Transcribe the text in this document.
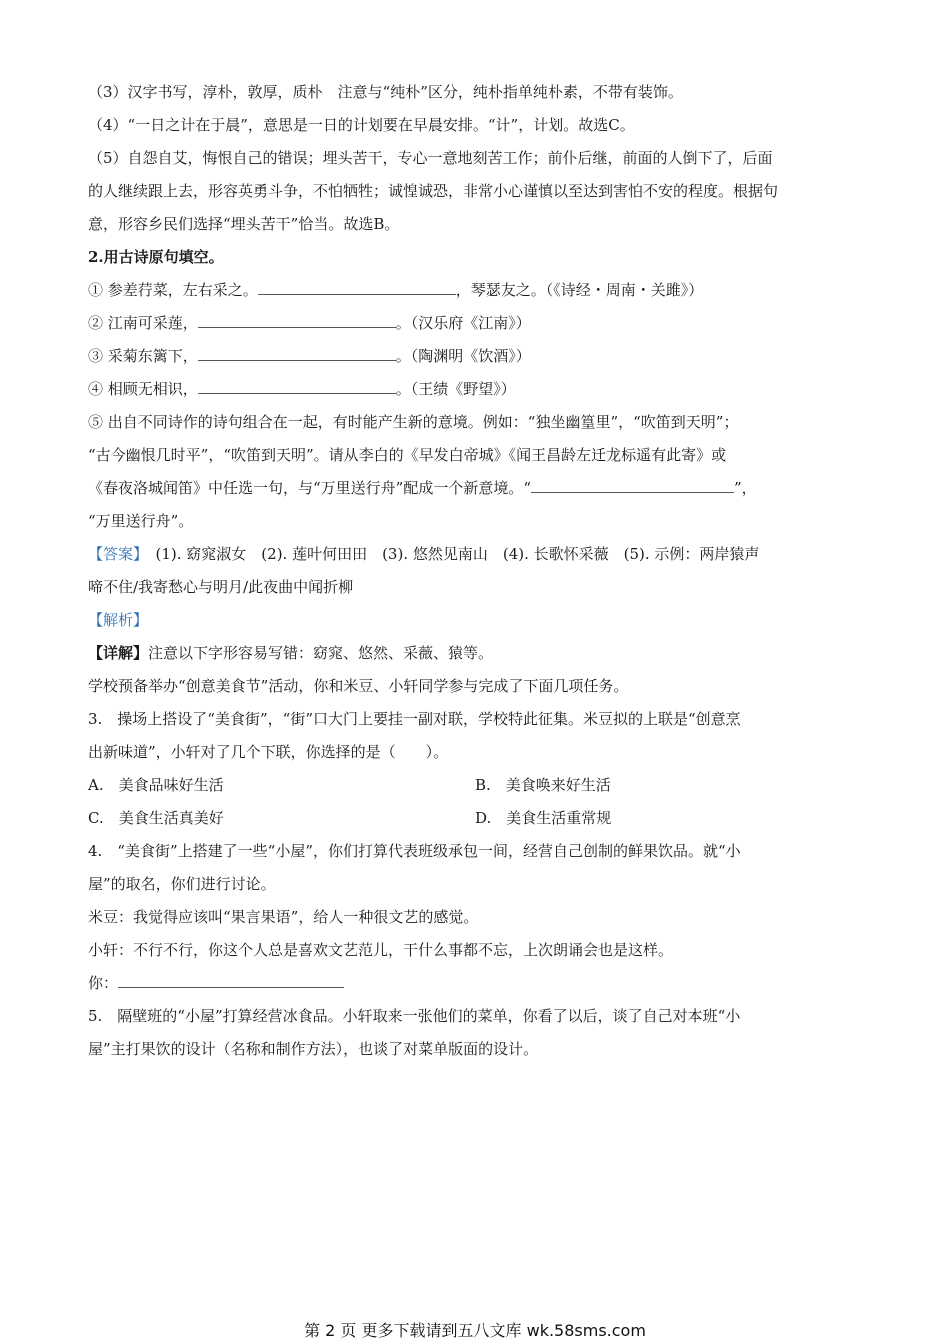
（3）汉字书写，淳朴，敦厚，质朴　注意与“纯朴”区分，纯朴指单纯朴素，不带有装饰。
（4）“一日之计在于晨”，意思是一日的计划要在早晨安排。“计”，计划。故选C。
（5）自怨自艾，悔恨自己的错误；埋头苦干，专心一意地刻苦工作；前仆后继，前面的人倒下了，后面
的人继续跟上去，形容英勇斗争，不怕牺牲；诚惶诚恐，非常小心谨慎以至达到害怕不安的程度。根据句
意，形容乡民们选择“埋头苦干”恰当。故选B。
2.用古诗原句填空。
① 参差荇菜，左右采之。	，琴瑟友之。（《诗经・周南・关雎》）
② 江南可采莲，	。（汉乐府《江南》）
③ 采菊东篱下，	。（陶渊明《饮酒》）
④ 相顾无相识，	。（王绩《野望》）
⑤ 出自不同诗作的诗句组合在一起，有时能产生新的意境。例如：“独坐幽篁里”，“吹笛到天明”；
“古今幽恨几时平”，“吹笛到天明”。请从李白的《早发白帝城》《闻王昌龄左迁龙标遥有此寄》或
《春夜洛城闻笛》中任选一句，与“万里送行舟”配成一个新意境。“	”，
“万里送行舟”。
【答案】　(1). 窈窕淑女　(2). 莲叶何田田　(3). 悠然见南山　(4). 长歌怀采薇　(5). 示例：两岸猿声
啼不住/我寄愁心与明月/此夜曲中闻折柳
【解析】
【详解】注意以下字形容易写错：窈窕、悠然、采薇、猿等。
学校预备举办“创意美食节”活动，你和米豆、小轩同学参与完成了下面几项任务。
3.　操场上搭设了“美食街”，“街”口大门上要挂一副对联，学校特此征集。米豆拟的上联是“创意烹
出新味道”，小轩对了几个下联，你选择的是（　　）。
A.　美食品味好生活	B.　美食唤来好生活
C.　美食生活真美好	D.　美食生活重常规
4.　“美食街”上搭建了一些“小屋”，你们打算代表班级承包一间，经营自己创制的鲜果饮品。就“小
屋”的取名，你们进行讨论。
米豆：我觉得应该叫“果言果语”，给人一种很文艺的感觉。
小轩：不行不行，你这个人总是喜欢文艺范儿，干什么事都不忘，上次朗诵会也是这样。
你：
5.　隔壁班的“小屋”打算经营冰食品。小轩取来一张他们的菜单，你看了以后，谈了自己对本班“小
屋”主打果饮的设计（名称和制作方法），也谈了对菜单版面的设计。
第 2 页 更多下载请到五八文库 wk.58sms.com
